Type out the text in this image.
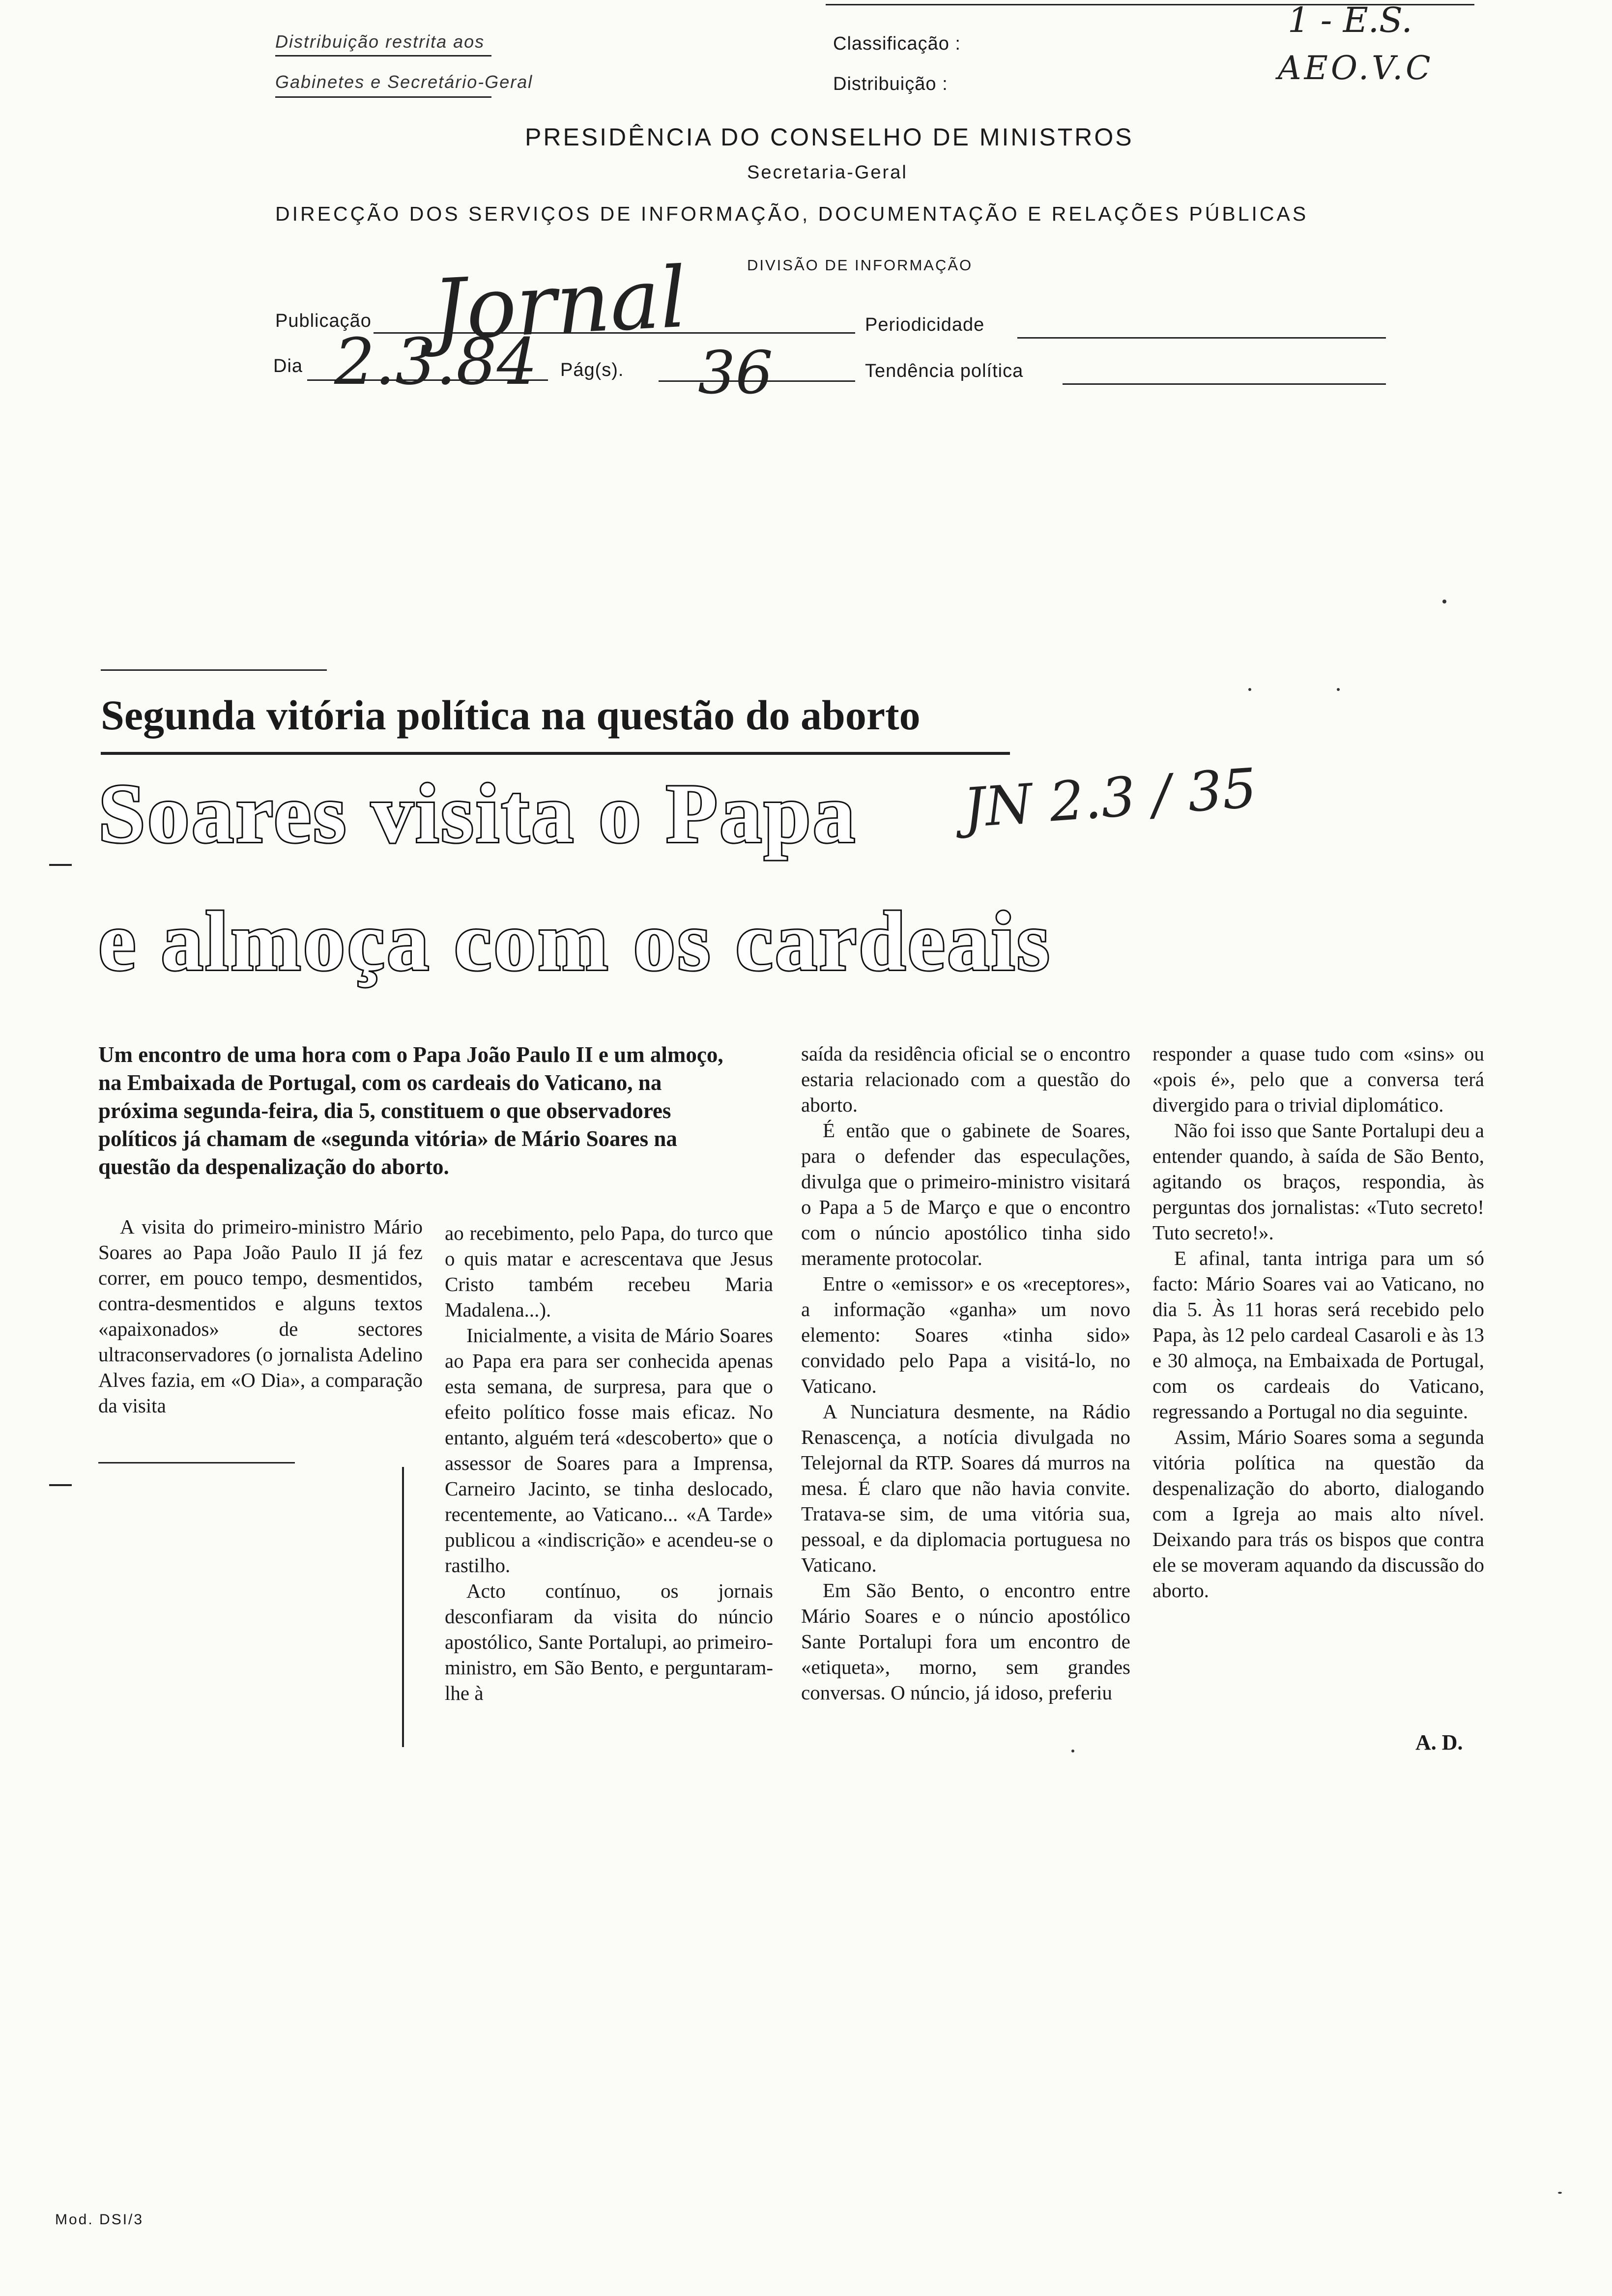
Distribuição restrita aos
Gabinetes e Secretário-Geral
Classificação :
Distribuição :
PRESIDÊNCIA DO CONSELHO DE MINISTROS
Secretaria-Geral
DIRECÇÃO DOS SERVIÇOS DE INFORMAÇÃO, DOCUMENTAÇÃO E RELAÇÕES PÚBLICAS
DIVISÃO DE INFORMAÇÃO
Publicação
Dia	Pág(s).
Periodicidade
Tendência política
Jornal
2.3.84	36
1 - E.S.
AEO.V.C
JN 2.3 / 35
Segunda vitória política na questão do aborto
Soares visita o Papa
e almoça com os cardeais
Um encontro de uma hora com o Papa João Paulo II e um almoço, na Embaixada de Portugal, com os cardeais do Vaticano, na próxima segunda-feira, dia 5, constituem o que observadores políticos já chamam de «segunda vitória» de Mário Soares na questão da despenalização do aborto.

A visita do primeiro-ministro Mário Soares ao Papa João Paulo II já fez correr, em pouco tempo, desmentidos, contra-desmentidos e alguns textos «apaixonados» de sectores ultraconservadores (o jornalista Adelino Alves fazia, em «O Dia», a comparação da visita

ao recebimento, pelo Papa, do turco que o quis matar e acrescentava que Jesus Cristo também recebeu Maria Madalena...).

Inicialmente, a visita de Mário Soares ao Papa era para ser conhecida apenas esta semana, de surpresa, para que o efeito político fosse mais eficaz. No entanto, alguém terá «descoberto» que o assessor de Soares para a Imprensa, Carneiro Jacinto, se tinha deslocado, recentemente, ao Vaticano... «A Tarde» publicou a «indiscrição» e acendeu-se o rastilho.

Acto contínuo, os jornais desconfiaram da visita do núncio apostólico, Sante Portalupi, ao primeiro-ministro, em São Bento, e perguntaram-lhe à

saída da residência oficial se o encontro estaria relacionado com a questão do aborto.

É então que o gabinete de Soares, para o defender das especulações, divulga que o primeiro-ministro visitará o Papa a 5 de Março e que o encontro com o núncio apostólico tinha sido meramente protocolar.

Entre o «emissor» e os «receptores», a informação «ganha» um novo elemento: Soares «tinha sido» convidado pelo Papa a visitá-lo, no Vaticano.

A Nunciatura desmente, na Rádio Renascença, a notícia divulgada no Telejornal da RTP. Soares dá murros na mesa. É claro que não havia convite. Tratava-se sim, de uma vitória sua, pessoal, e da diplomacia portuguesa no Vaticano.

Em São Bento, o encontro entre Mário Soares e o núncio apostólico Sante Portalupi fora um encontro de «etiqueta», morno, sem grandes conversas. O núncio, já idoso, preferiu

responder a quase tudo com «sins» ou «pois é», pelo que a conversa terá divergido para o trivial diplomático.

Não foi isso que Sante Portalupi deu a entender quando, à saída de São Bento, agitando os braços, respondia, às perguntas dos jornalistas: «Tuto secreto! Tuto secreto!».

E afinal, tanta intriga para um só facto: Mário Soares vai ao Vaticano, no dia 5. Às 11 horas será recebido pelo Papa, às 12 pelo cardeal Casaroli e às 13 e 30 almoça, na Embaixada de Portugal, com os cardeais do Vaticano, regressando a Portugal no dia seguinte.

Assim, Mário Soares soma a segunda vitória política na questão da despenalização do aborto, dialogando com a Igreja ao mais alto nível. Deixando para trás os bispos que contra ele se moveram aquando da discussão do aborto.

A. D.
Mod. DSI/3
